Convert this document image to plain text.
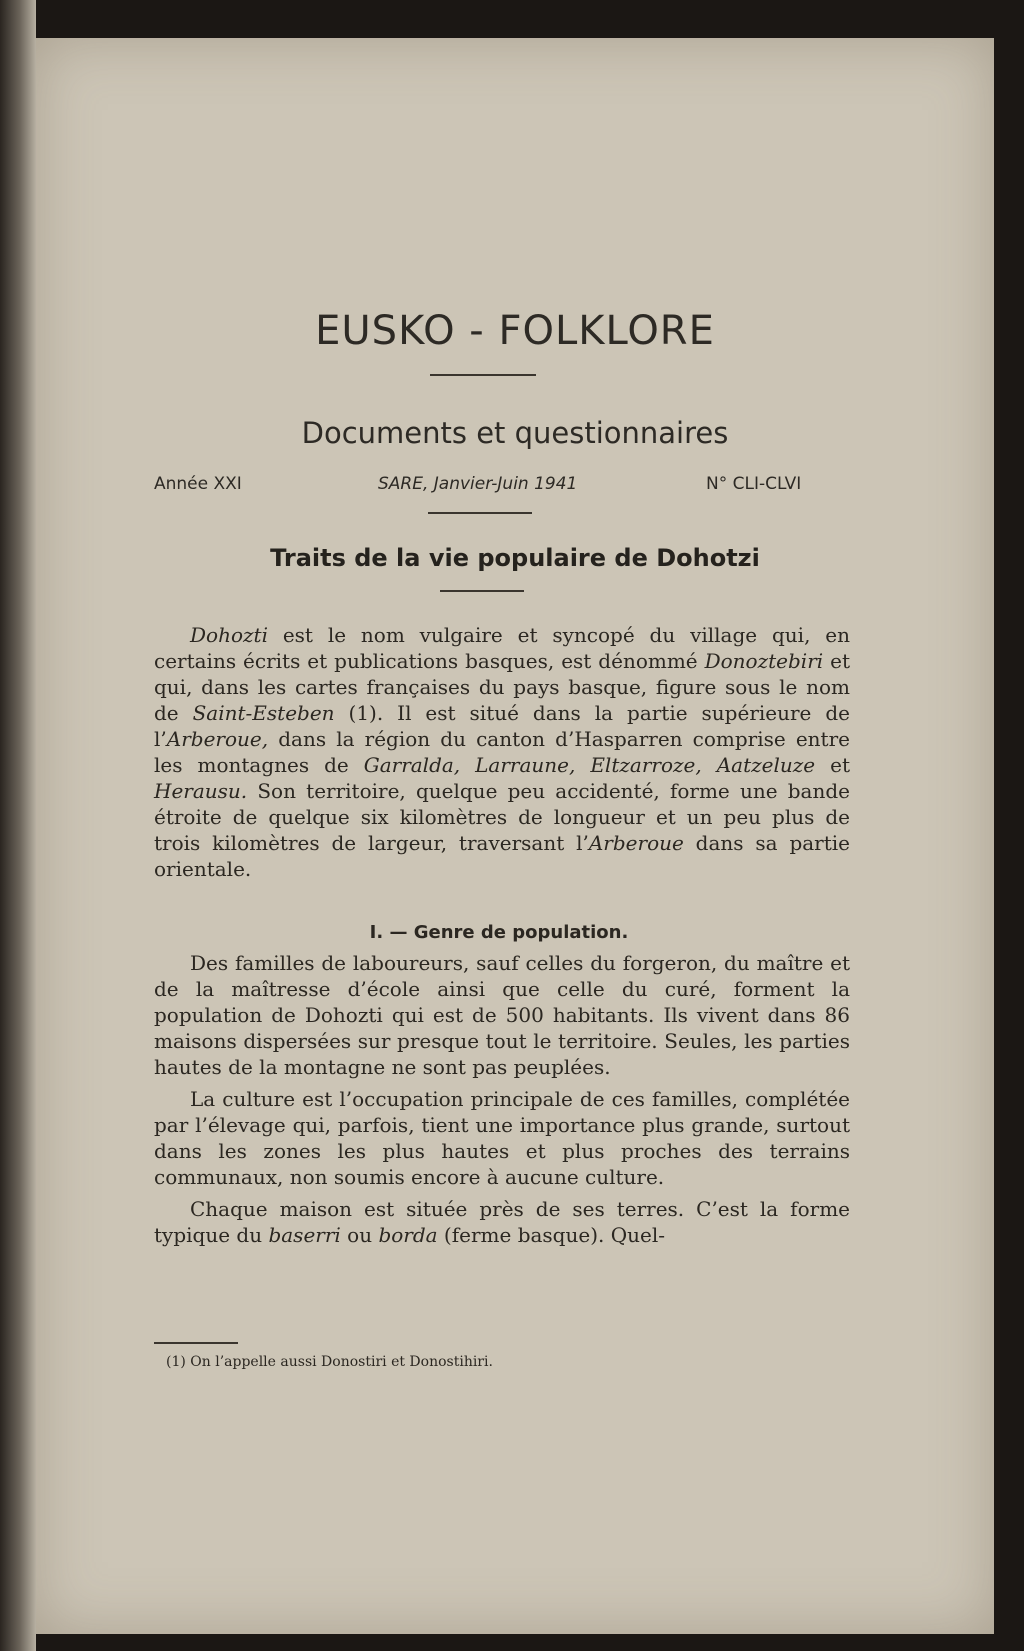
EUSKO - FOLKLORE
Documents et questionnaires
Année XXI	SARE, Janvier-Juin 1941	N° CLI-CLVI
Traits de la vie populaire de Dohotzi

Dohozti est le nom vulgaire et syncopé du village qui, en certains écrits et publications basques, est dénommé Donoztebiri et qui, dans les cartes françaises du pays basque, figure sous le nom de Saint-Esteben (1). Il est situé dans la partie supérieure de l’Arberoue, dans la région du canton d’Hasparren comprise entre les montagnes de Garralda, Larraune, Eltzarroze, Aatzeluze et Herausu. Son territoire, quelque peu accidenté, forme une bande étroite de quelque six kilomètres de longueur et un peu plus de trois kilomètres de largeur, traversant l’Arberoue dans sa partie orientale.

I. — Genre de population.

Des familles de laboureurs, sauf celles du forgeron, du maître et de la maîtresse d’école ainsi que celle du curé, forment la population de Dohozti qui est de 500 habitants. Ils vivent dans 86 maisons dispersées sur presque tout le territoire. Seules, les parties hautes de la montagne ne sont pas peuplées.

La culture est l’occupation principale de ces familles, complétée par l’élevage qui, parfois, tient une importance plus grande, surtout dans les zones les plus hautes et plus proches des terrains communaux, non soumis encore à aucune culture.

Chaque maison est située près de ses terres. C’est la forme typique du baserri ou borda (ferme basque). Quel-

(1) On l’appelle aussi Donostiri et Donostihiri.
